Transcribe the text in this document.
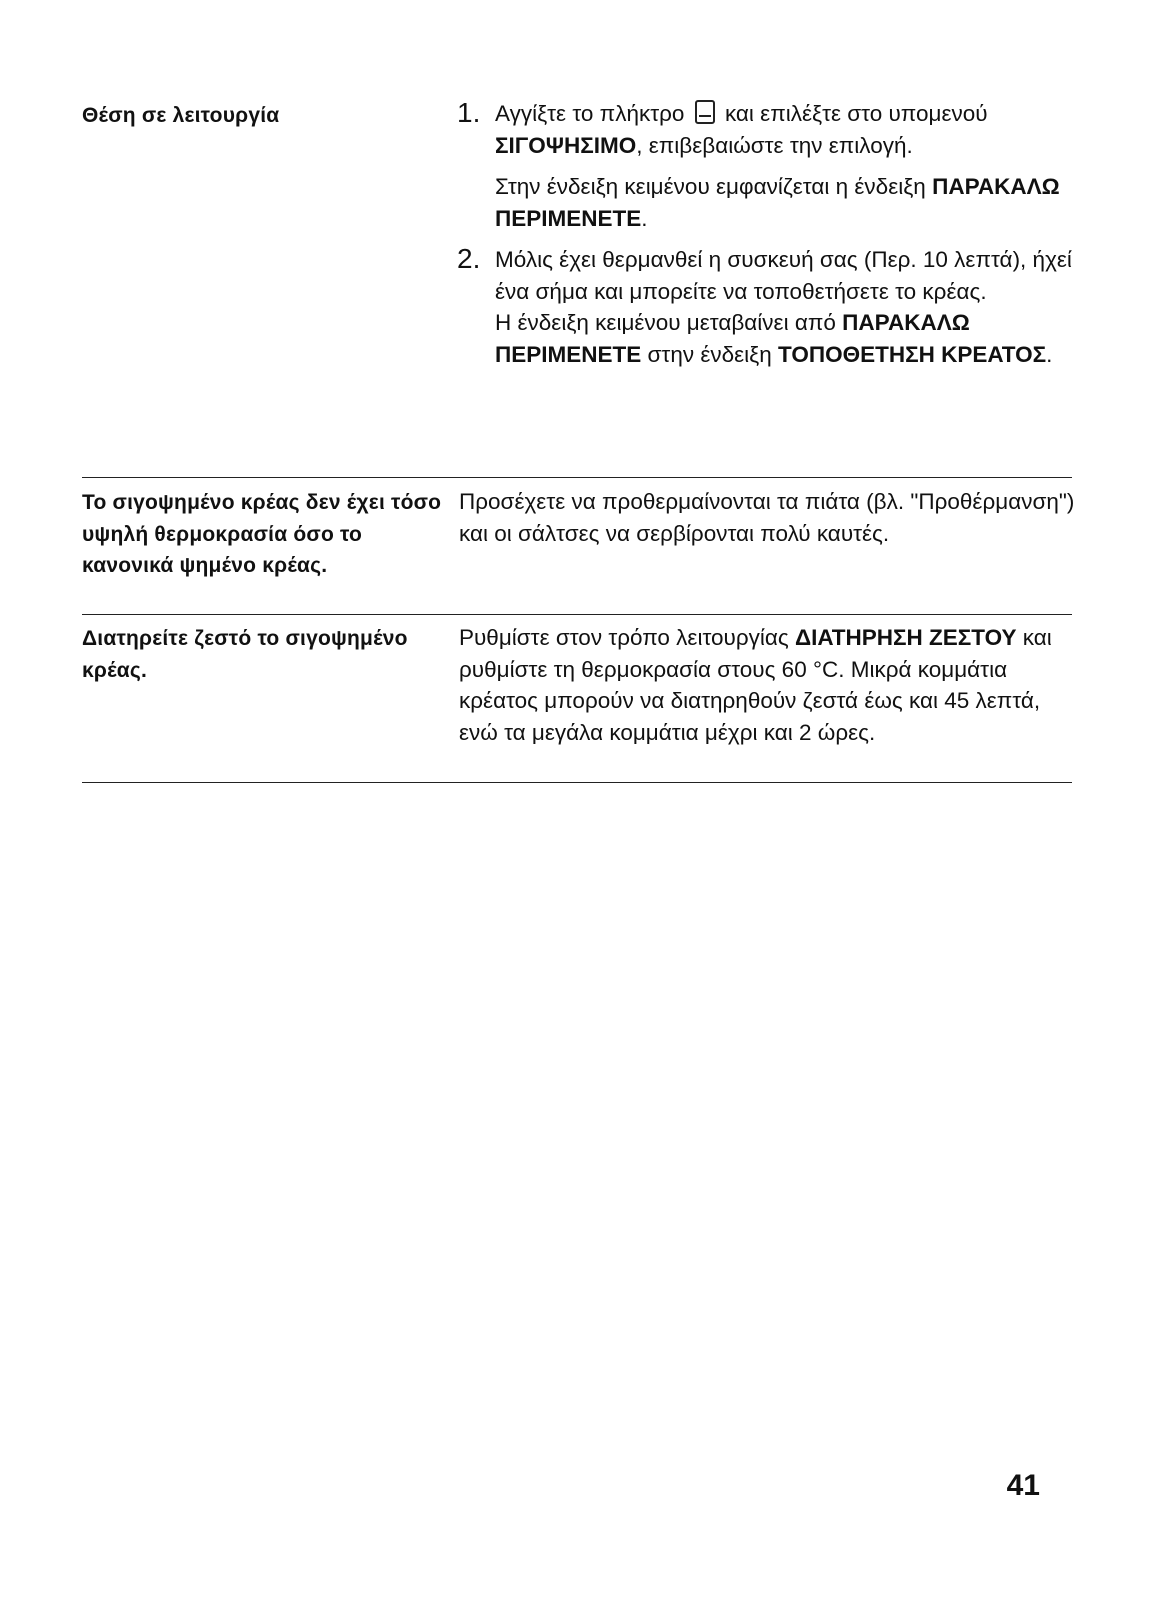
Θέση σε λειτουργία	1. Αγγίξτε το πλήκτρο και επιλέξτε στο υπομενού ΣΙΓΟΨΗΣΙΜΟ, επιβεβαιώστε την επιλογή.

Στην ένδειξη κειμένου εμφανίζεται η ένδειξη ΠΑΡΑΚΑΛΩ ΠΕΡΙΜΕΝΕΤΕ.

2. Μόλις έχει θερμανθεί η συσκευή σας (Περ. 10 λεπτά), ήχεί ένα σήμα και μπορείτε να τοποθετήσετε το κρέας.
Η ένδειξη κειμένου μεταβαίνει από ΠΑΡΑΚΑΛΩ ΠΕΡΙΜΕΝΕΤΕ στην ένδειξη ΤΟΠΟΘΕΤΗΣΗ ΚΡΕΑΤΟΣ.

Το σιγοψημένο κρέας δεν έχει τόσο υψηλή θερμοκρασία όσο το κανονικά ψημένο κρέας.
Προσέχετε να προθερμαίνονται τα πιάτα (βλ. "Προθέρμανση") και οι σάλτσες να σερβίρονται πολύ καυτές.
Διατηρείτε ζεστό το σιγοψημένο κρέας.
Ρυθμίστε στον τρόπο λειτουργίας ΔΙΑΤΗΡΗΣΗ ΖΕΣΤΟΥ και ρυθμίστε τη θερμοκρασία στους 60 °C. Μικρά κομμάτια κρέατος μπορούν να διατηρηθούν ζεστά έως και 45 λεπτά, ενώ τα μεγάλα κομμάτια μέχρι και 2 ώρες.
41
